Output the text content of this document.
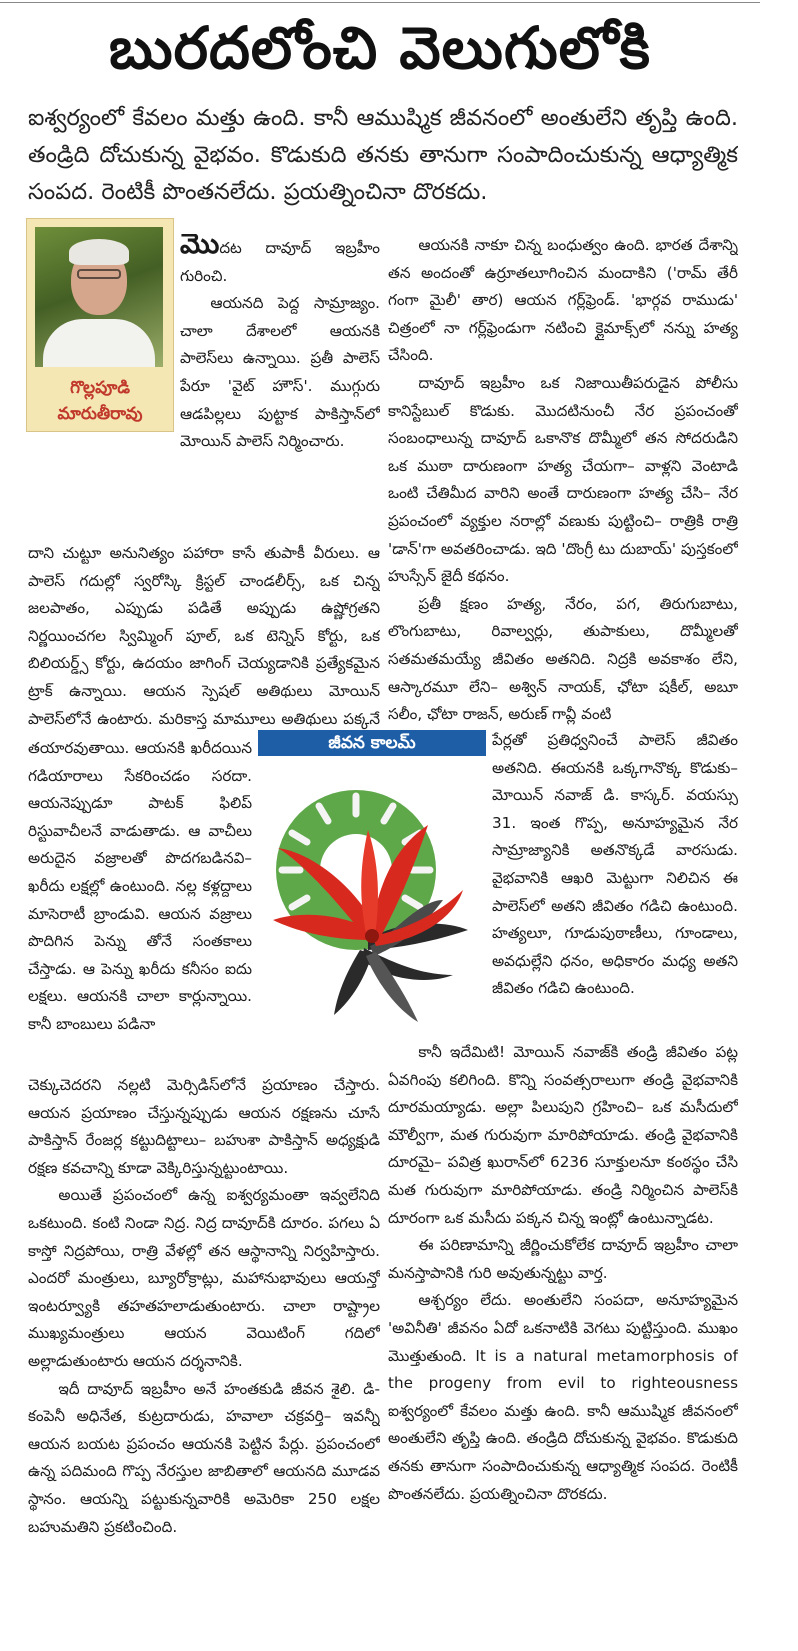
బురదలోంచి వెలుగులోకి
ఐశ్వర్యంలో కేవలం మత్తు ఉంది. కానీ ఆముష్మిక జీవనంలో అంతులేని తృప్తి ఉంది. తండ్రిది దోచుకున్న వైభవం. కొడుకుది తనకు తానుగా సంపాదించుకున్న ఆధ్యాత్మిక సంపద. రెంటికీ పొంతనలేదు. ప్రయత్నించినా దొరకదు.
గొల్లపూడి
మారుతీరావు

మొదట దావూద్ ఇబ్రహీం గురించి.

ఆయనది పెద్ద సామ్రాజ్యం. చాలా దేశాలలో ఆయనకి పాలెస్‌లు ఉన్నాయి. ప్రతీ పాలెస్ పేరూ 'వైట్ హౌస్'. ముగ్గురు ఆడపిల్లలు పుట్టాక పాకిస్తాన్‌లో మోయిన్ పాలెస్ నిర్మించారు.

దాని చుట్టూ అనునిత్యం పహారా కాసే తుపాకీ వీరులు. ఆ పాలెస్ గదుల్లో స్వరోస్కి క్రిస్టల్ చాండలీర్స్, ఒక చిన్న జలపాతం, ఎప్పుడు పడితే అప్పుడు ఉష్ణోగ్రతని నిర్ణయించగల స్విమ్మింగ్ పూల్, ఒక టెన్నిస్ కోర్టు, ఒక బిలియర్డ్స్ కోర్టు, ఉదయం జాగింగ్ చెయ్యడానికి ప్రత్యేకమైన ట్రాక్ ఉన్నాయి. ఆయన స్పెషల్ అతిథులు మోయిన్ పాలెస్‌లోనే ఉంటారు. మరికాస్త మామూలు అతిథులు పక్కనే

తయారవుతాయి. ఆయనకి ఖరీదయిన గడియారాలు సేకరించడం సరదా. ఆయనెప్పుడూ పాటక్ ఫిలిప్ రిస్టువాచీలనే వాడుతాడు. ఆ వాచీలు అరుదైన వజ్రాలతో పొదగబడినవి– ఖరీదు లక్షల్లో ఉంటుంది. నల్ల కళ్లద్దాలు మాసెరాటీ బ్రాండువి. ఆయన వజ్రాలు పొదిగిన పెన్ను తోనే సంతకాలు చేస్తాడు. ఆ పెన్ను ఖరీదు కనీసం ఐదు లక్షలు. ఆయనకి చాలా కార్లున్నాయి. కానీ బాంబులు పడినా

చెక్కుచెదరని నల్లటి మెర్సిడిస్‌లోనే ప్రయాణం చేస్తారు. ఆయన ప్రయాణం చేస్తున్నప్పుడు ఆయన రక్షణను చూసే పాకిస్తాన్ రేంజర్ల కట్టుదిట్టాలు– బహుశా పాకిస్తాన్ అధ్యక్షుడి రక్షణ కవచాన్ని కూడా వెక్కిరిస్తున్నట్టుంటాయి.

అయితే ప్రపంచంలో ఉన్న ఐశ్వర్యమంతా ఇవ్వలేనిది ఒకటుంది. కంటి నిండా నిద్ర. నిద్ర దావూద్‌కి దూరం. పగలు ఏ కాస్తో నిద్రపోయి, రాత్రి వేళల్లో తన ఆస్థానాన్ని నిర్వహిస్తారు. ఎందరో మంత్రులు, బ్యూరోక్రాట్లు, మహానుభావులు ఆయన్తో ఇంటర్వ్యూకి తహతహలాడుతుంటారు. చాలా రాష్ట్రాల ముఖ్యమంత్రులు ఆయన వెయిటింగ్ గదిలో అల్లాడుతుంటారు ఆయన దర్శనానికి.

ఇదీ దావూద్ ఇబ్రహీం అనే హంతకుడి జీవన శైలి. డి-కంపెనీ అధినేత, కుట్రదారుడు, హవాలా చక్రవర్తి– ఇవన్నీ ఆయన బయట ప్రపంచం ఆయనకి పెట్టిన పేర్లు. ప్రపంచంలో ఉన్న పదిమంది గొప్ప నేరస్తుల జాబితాలో ఆయనది మూడవ స్థానం. ఆయన్ని పట్టుకున్నవారికి అమెరికా 250 లక్షల బహుమతిని ప్రకటించింది.

ఆయనకి నాకూ చిన్న బంధుత్వం ఉంది. భారత దేశాన్ని తన అందంతో ఉర్రూతలూగించిన మందాకిని ('రామ్ తేరీ గంగా మైలీ' తార) ఆయన గర్ల్‌ఫ్రెండ్. 'భార్గవ రాముడు' చిత్రంలో నా గర్ల్‌ఫ్రెండుగా నటించి క్లైమాక్స్‌లో నన్ను హత్య చేసింది.

దావూద్ ఇబ్రహీం ఒక నిజాయితీపరుడైన పోలీసు కానిస్టేబుల్ కొడుకు. మొదటినుంచీ నేర ప్రపంచంతో సంబంధాలున్న దావూద్ ఒకానొక దొమ్మీలో తన సోదరుడిని ఒక ముఠా దారుణంగా హత్య చేయగా– వాళ్లని వెంటాడి ఒంటి చేతిమీద వారిని అంతే దారుణంగా హత్య చేసి– నేర ప్రపంచంలో వ్యక్తుల నరాల్లో వణుకు పుట్టించి– రాత్రికి రాత్రి 'డాన్'గా అవతరించాడు. ఇది 'దొంగ్రీ టు దుబాయ్' పుస్తకంలో హుస్సేన్ జైదీ కథనం.

ప్రతీ క్షణం హత్య, నేరం, పగ, తిరుగుబాటు, లొంగుబాటు, రివాల్వర్లు, తుపాకులు, దొమ్మీలతో సతమతమయ్యే జీవితం అతనిది. నిద్రకి అవకాశం లేని, ఆస్కారమూ లేని– అశ్విన్ నాయక్, ఛోటా షకీల్, అబూ సలీం, ఛోటా రాజన్, అరుణ్ గావ్లీ వంటి

పేర్లతో ప్రతిధ్వనించే పాలెస్ జీవితం అతనిది. ఈయనకి ఒక్కగానొక్క కొడుకు– మోయిన్ నవాజ్ డి. కాస్కర్. వయస్సు 31. ఇంత గొప్ప, అనూహ్యమైన నేర సామ్రాజ్యానికి అతనొక్కడే వారసుడు. వైభవానికి ఆఖరి మెట్టుగా నిలిచిన ఈ పాలెస్‌లో అతని జీవితం గడిచి ఉంటుంది. హత్యలూ, గూడుపుఠాణీలు, గూండాలు, అవధుల్లేని ధనం, అధికారం మధ్య అతని జీవితం గడిచి ఉంటుంది.

కానీ ఇదేమిటి! మోయిన్ నవాజ్‌కి తండ్రి జీవితం పట్ల ఏవగింపు కలిగింది. కొన్ని సంవత్సరాలుగా తండ్రి వైభవానికి దూరమయ్యాడు. అల్లా పిలుపుని గ్రహించి– ఒక మసీదులో మౌల్వీగా, మత గురువుగా మారిపోయాడు. తండ్రి వైభవానికి దూరమై– పవిత్ర ఖురాన్‌లో 6236 సూక్తులనూ కంఠస్థం చేసి మత గురువుగా మారిపోయాడు. తండ్రి నిర్మించిన పాలెస్‌కి దూరంగా ఒక మసీదు పక్కన చిన్న ఇంట్లో ఉంటున్నాడట.

ఈ పరిణామాన్ని జీర్ణించుకోలేక దావూద్ ఇబ్రహీం చాలా మనస్తాపానికి గురి అవుతున్నట్టు వార్త.

ఆశ్చర్యం లేదు. అంతులేని సంపదా, అనూహ్యమైన 'అవినీతి' జీవనం ఏదో ఒకనాటికి వెగటు పుట్టిస్తుంది. ముఖం మొత్తుతుంది. It is a natural metamorphosis of the progeny from evil to righteousness ఐశ్వర్యంలో కేవలం మత్తు ఉంది. కానీ ఆముష్మిక జీవనంలో అంతులేని తృప్తి ఉంది. తండ్రిది దోచుకున్న వైభవం. కొడుకుది తనకు తానుగా సంపాదించుకున్న ఆధ్యాత్మిక సంపద. రెంటికీ పొంతనలేదు. ప్రయత్నించినా దొరకదు.

జీవన కాలమ్
